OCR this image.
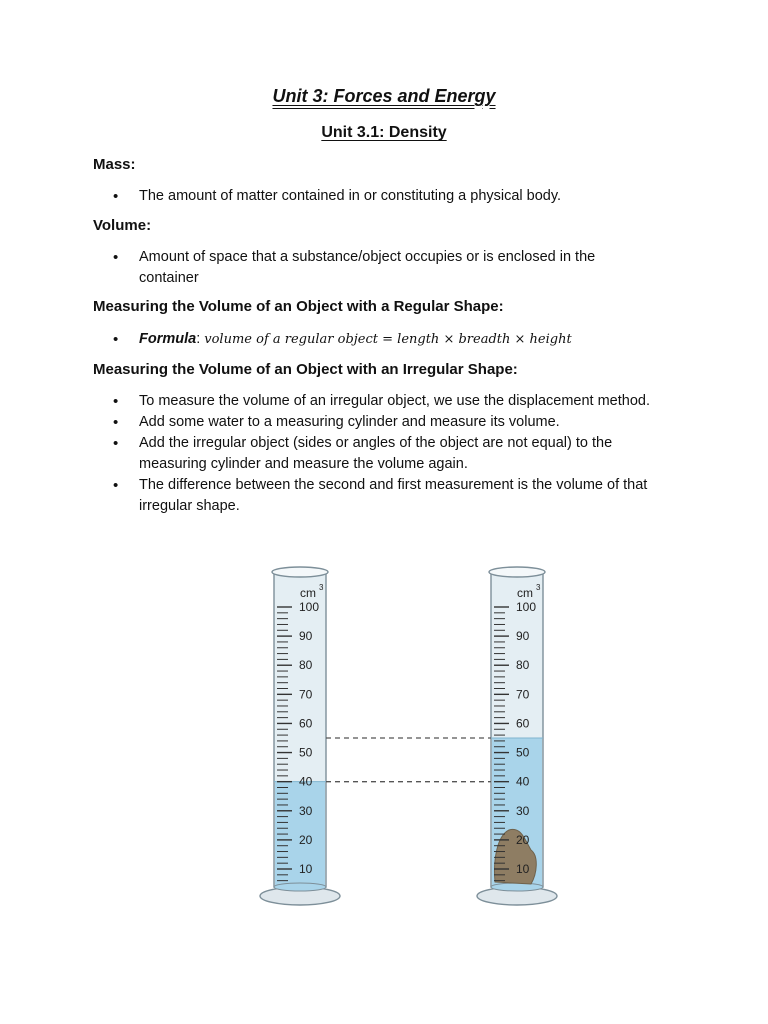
Unit 3: Forces and Energy
Unit 3.1: Density
Mass:
• The amount of matter contained in or constituting a physical body.
Volume:
• Amount of space that a substance/object occupies or is enclosed in the container
Measuring the Volume of an Object with a Regular Shape:
• Formula: volume of a regular object = length × breadth × height
Measuring the Volume of an Object with an Irregular Shape:
• To measure the volume of an irregular object, we use the displacement method.
• Add some water to a measuring cylinder and measure its volume.
• Add the irregular object (sides or angles of the object are not equal) to the measuring cylinder and measure the volume again.
• The difference between the second and first measurement is the volume of that irregular shape.
100
90
80
70
60
50
40
30
20
10
cm 3
100
90
80
70
60
50
40
30
20
10
cm 3
